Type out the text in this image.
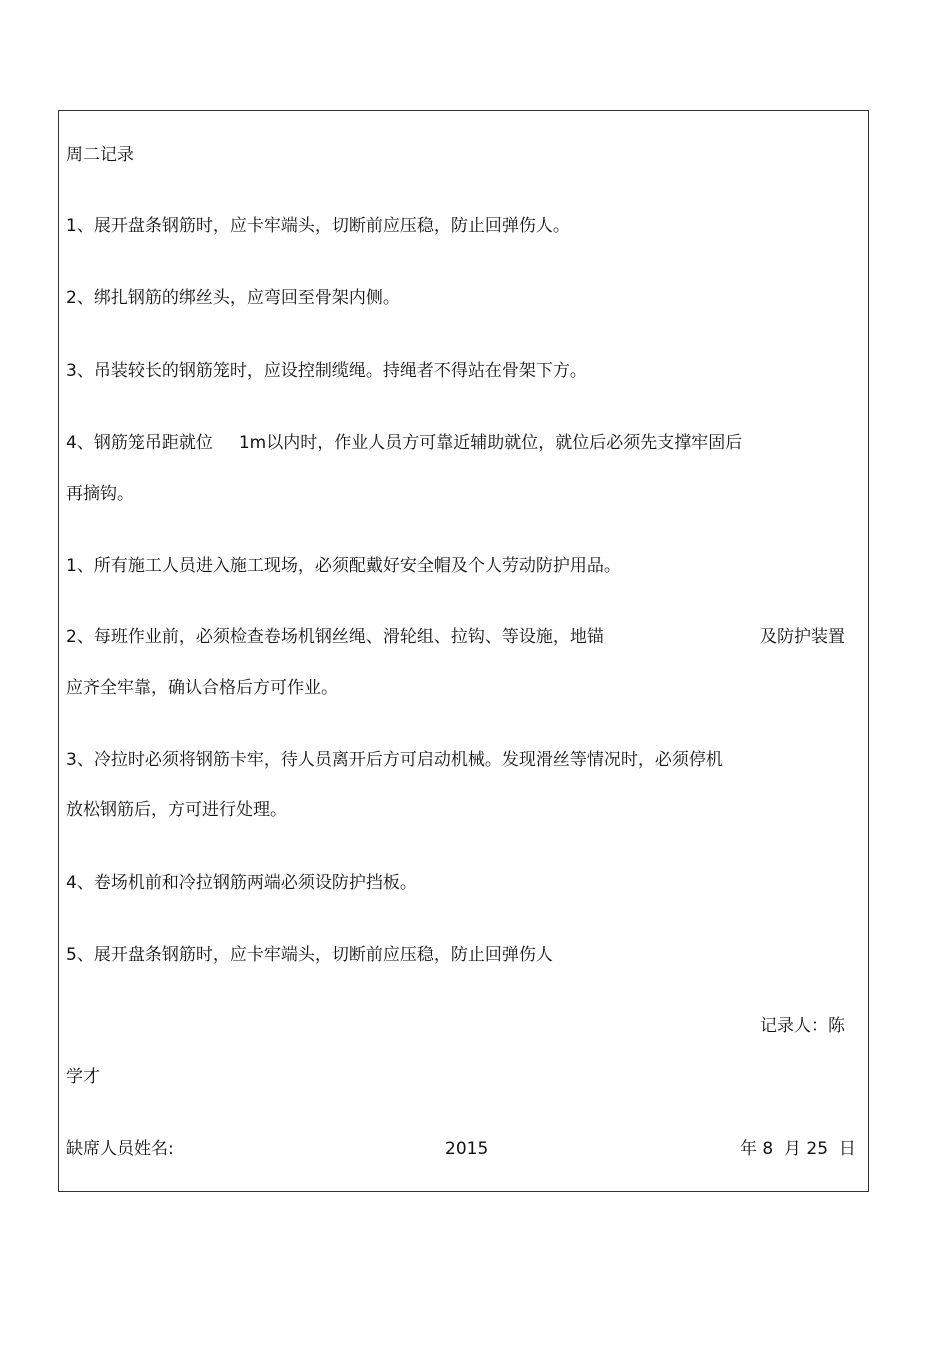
周二记录
1、展开盘条钢筋时，应卡牢端头，切断前应压稳，防止回弹伤人。
2、绑扎钢筋的绑丝头，应弯回至骨架内侧。
3、吊装较长的钢筋笼时，应设控制缆绳。持绳者不得站在骨架下方。
4、钢筋笼吊距就位 1m以内时，作业人员方可靠近辅助就位，就位后必须先支撑牢固后
再摘钩。
1、所有施工人员进入施工现场，必须配戴好安全帽及个人劳动防护用品。
2、每班作业前，必须检查卷场机钢丝绳、滑轮组、拉钩、等设施，地锚	及防护装置
应齐全牢靠，确认合格后方可作业。
3、冷拉时必须将钢筋卡牢，待人员离开后方可启动机械。发现滑丝等情况时，必须停机
放松钢筋后，方可进行处理。
4、卷场机前和冷拉钢筋两端必须设防护挡板。
5、展开盘条钢筋时，应卡牢端头，切断前应压稳，防止回弹伤人
记录人：陈
学才
缺席人员姓名:	2015	年 8  月 25  日
